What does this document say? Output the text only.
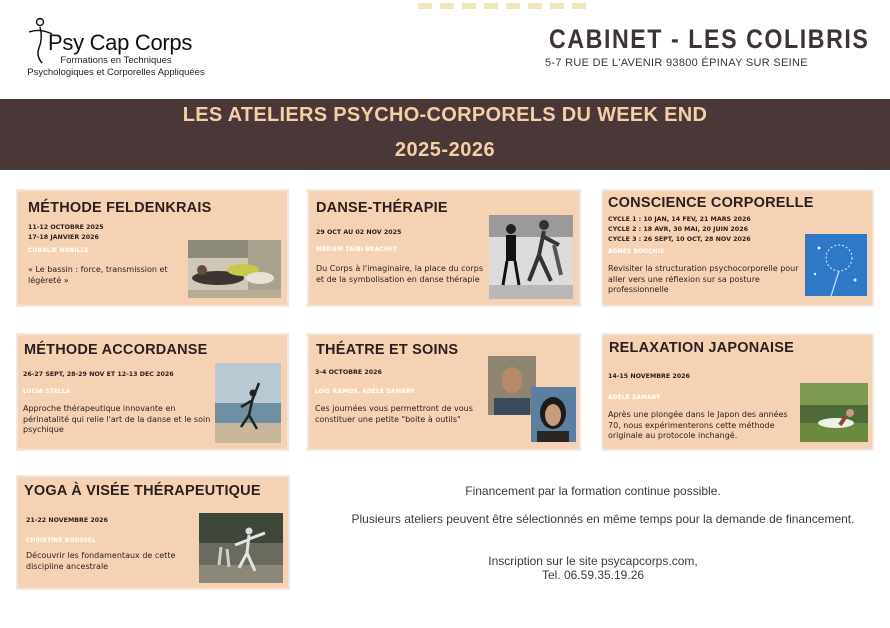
Psy Cap Corps
Formations en Techniques
Psychologiques et Corporelles Appliquées
CABINET - LES COLIBRIS
5-7 RUE DE L'AVENIR 93800 ÉPINAY SUR SEINE
LES ATELIERS PSYCHO-CORPORELS DU WEEK END
2025-2026
MÉTHODE FELDENKRAIS
11-12 OCTOBRE 2025
17-18 JANVIER 2026
CORALIE NOAILLE
« Le bassin : force, transmission et légèreté »
DANSE-THÉRAPIE
29 OCT AU 02 NOV 2025
MÉRIEM TAÏBI BRACHET
Du Corps à l'imaginaire, la place du corps et de la symbolisation en danse thérapie
CONSCIENCE CORPORELLE
CYCLE 1 : 10 JAN, 14 FEV, 21 MARS 2026
CYCLE 2 : 18 AVR, 30 MAI, 20 JUIN 2026
CYCLE 3 : 26 SEPT, 10 OCT, 28 NOV 2026
AGNÈS BOUCHIS
Revisiter la structuration psychocorporelle pour aller vers une réflexion sur sa posture professionnelle
MÉTHODE ACCORDANSE
26-27 SEPT, 28-29 NOV ET 12-13 DEC 2026
LUCIA STELLA
Approche thérapeutique innovante en périnatalité qui relie l'art de la danse et le soin psychique
THÉATRE ET SOINS
3-4 OCTOBRE 2026
LOÏS RAMOS, ADÈLE SAMARY
Ces journées vous permettront de vous constituer une petite "boite à outils"
RELAXATION JAPONAISE
14-15 NOVEMBRE 2026
ADÈLE SAMARY
Après une plongée dans le Japon des années 70, nous expérimenterons cette méthode originale au protocole inchangé.
YOGA À VISÉE THÉRAPEUTIQUE
21-22 NOVEMBRE 2026
CHRISTINE ROUSSEL
Découvrir les fondamentaux de cette discipline ancestrale
Financement par la formation continue possible.
Plusieurs ateliers peuvent être sélectionnés en même temps pour la demande de financement.
Inscription sur le site psycapcorps.com,
Tel. 06.59.35.19.26
